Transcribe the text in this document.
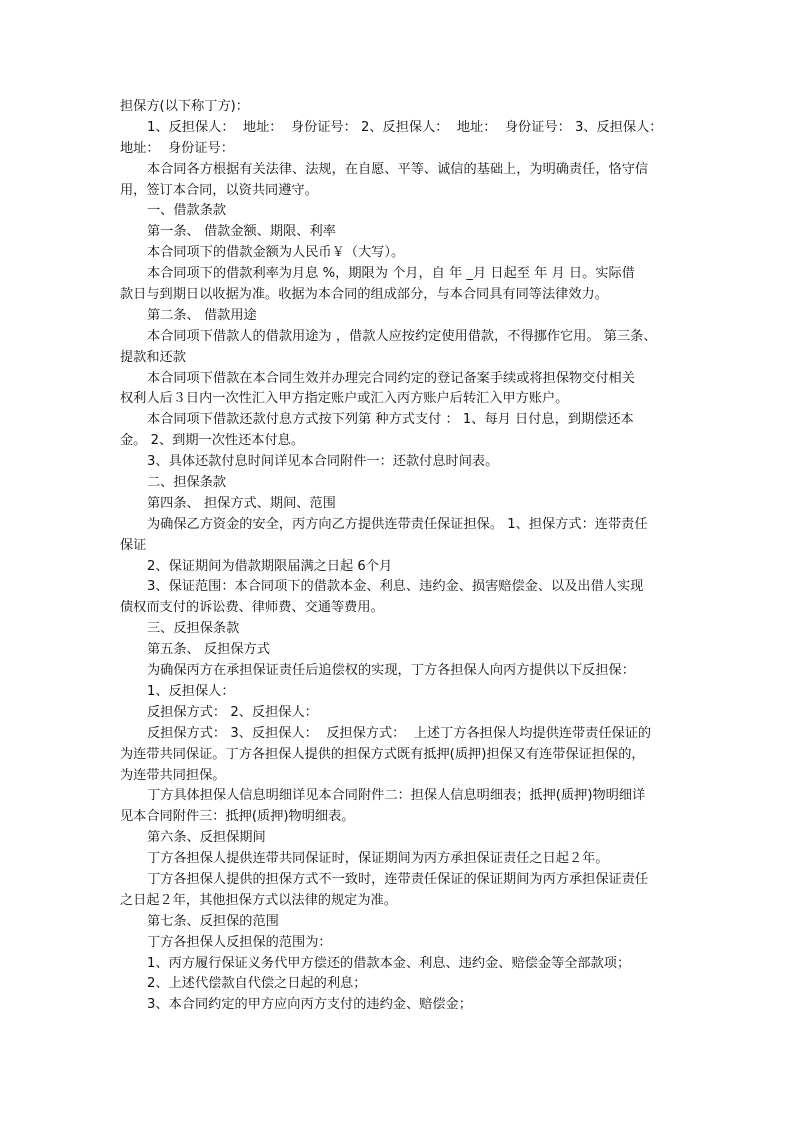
担保方(以下称丁方)：
1、反担保人：  地址：  身份证号： 2、反担保人：  地址：  身份证号： 3、反担保人：
地址：  身份证号：
本合同各方根据有关法律、法规，在自愿、平等、诚信的基础上，为明确责任，恪守信
用，签订本合同，以资共同遵守。
一、借款条款
第一条、 借款金额、期限、利率
本合同项下的借款金额为人民币￥（大写）。
本合同项下的借款利率为月息 %，期限为 个月，自 年 _月 日起至 年 月 日。实际借
款日与到期日以收据为准。收据为本合同的组成部分，与本合同具有同等法律效力。
第二条、 借款用途
本合同项下借款人的借款用途为 ，借款人应按约定使用借款，不得挪作它用。 第三条、
提款和还款
本合同项下借款在本合同生效并办理完合同约定的登记备案手续或将担保物交付相关
权利人后３日内一次性汇入甲方指定账户或汇入丙方账户后转汇入甲方账户。
本合同项下借款还款付息方式按下列第 种方式支付 ： 1、每月 日付息，到期偿还本
金。 2、到期一次性还本付息。
3、具体还款付息时间详见本合同附件一：还款付息时间表。
二、担保条款
第四条、 担保方式、期间、范围
为确保乙方资金的安全，丙方向乙方提供连带责任保证担保。 1、担保方式：连带责任
保证
2、保证期间为借款期限届满之日起 6个月
3、保证范围：本合同项下的借款本金、利息、违约金、损害赔偿金、以及出借人实现
债权而支付的诉讼费、律师费、交通等费用。
三、反担保条款
第五条、 反担保方式
为确保丙方在承担保证责任后追偿权的实现，丁方各担保人向丙方提供以下反担保：
1、反担保人：
反担保方式： 2、反担保人：
反担保方式： 3、反担保人：  反担保方式：  上述丁方各担保人均提供连带责任保证的
为连带共同保证。丁方各担保人提供的担保方式既有抵押(质押)担保又有连带保证担保的，
为连带共同担保。
丁方具体担保人信息明细详见本合同附件二：担保人信息明细表；抵押(质押)物明细详
见本合同附件三：抵押(质押)物明细表。
第六条、反担保期间
丁方各担保人提供连带共同保证时，保证期间为丙方承担保证责任之日起２年。
丁方各担保人提供的担保方式不一致时，连带责任保证的保证期间为丙方承担保证责任
之日起２年，其他担保方式以法律的规定为准。
第七条、反担保的范围
丁方各担保人反担保的范围为：
1、丙方履行保证义务代甲方偿还的借款本金、利息、违约金、赔偿金等全部款项；
2、上述代偿款自代偿之日起的利息；
3、本合同约定的甲方应向丙方支付的违约金、赔偿金；
